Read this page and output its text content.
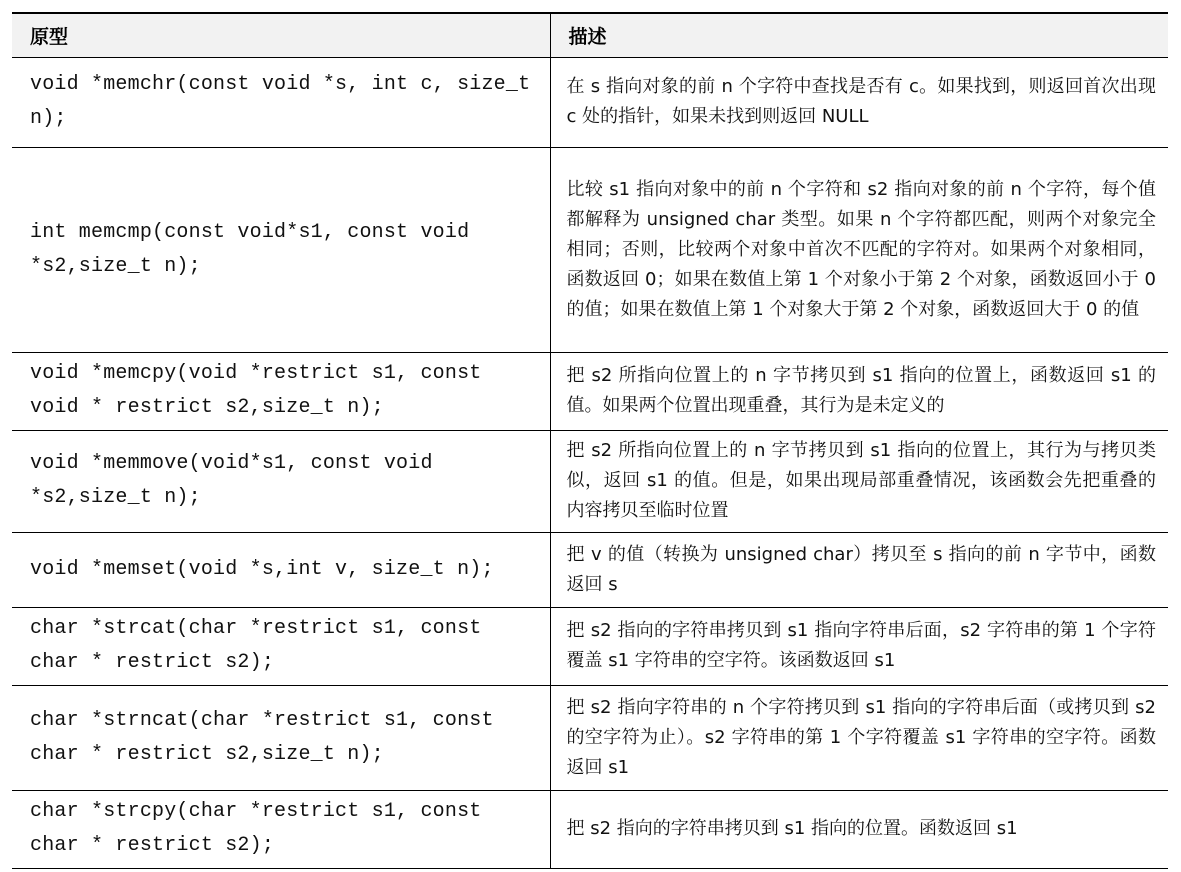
原型	描述
void *memchr(const void *s, int c, size_t n);	在 s 指向对象的前 n 个字符中查找是否有 c。如果找到，则返回首次出现 c 处的指针，如果未找到则返回 NULL
int memcmp(const void*s1, const void *s2,size_t n);	比较 s1 指向对象中的前 n 个字符和 s2 指向对象的前 n 个字符，每个值都解释为 unsigned char 类型。如果 n 个字符都匹配，则两个对象完全相同；否则，比较两个对象中首次不匹配的字符对。如果两个对象相同，函数返回 0；如果在数值上第 1 个对象小于第 2 个对象，函数返回小于 0 的值；如果在数值上第 1 个对象大于第 2 个对象，函数返回大于 0 的值
void *memcpy(void *restrict s1, const void * restrict s2,size_t n);	把 s2 所指向位置上的 n 字节拷贝到 s1 指向的位置上，函数返回 s1 的值。如果两个位置出现重叠，其行为是未定义的
void *memmove(void*s1, const void *s2,size_t n);	把 s2 所指向位置上的 n 字节拷贝到 s1 指向的位置上，其行为与拷贝类似，返回 s1 的值。但是，如果出现局部重叠情况，该函数会先把重叠的内容拷贝至临时位置
void *memset(void *s,int v, size_t n);	把 v 的值（转换为 unsigned char）拷贝至 s 指向的前 n 字节中，函数返回 s
char *strcat(char *restrict s1, const char * restrict s2);	把 s2 指向的字符串拷贝到 s1 指向字符串后面，s2 字符串的第 1 个字符覆盖 s1 字符串的空字符。该函数返回 s1
char *strncat(char *restrict s1, const char * restrict s2,size_t n);	把 s2 指向字符串的 n 个字符拷贝到 s1 指向的字符串后面（或拷贝到 s2 的空字符为止）。s2 字符串的第 1 个字符覆盖 s1 字符串的空字符。函数返回 s1
char *strcpy(char *restrict s1, const char * restrict s2);	把 s2 指向的字符串拷贝到 s1 指向的位置。函数返回 s1
